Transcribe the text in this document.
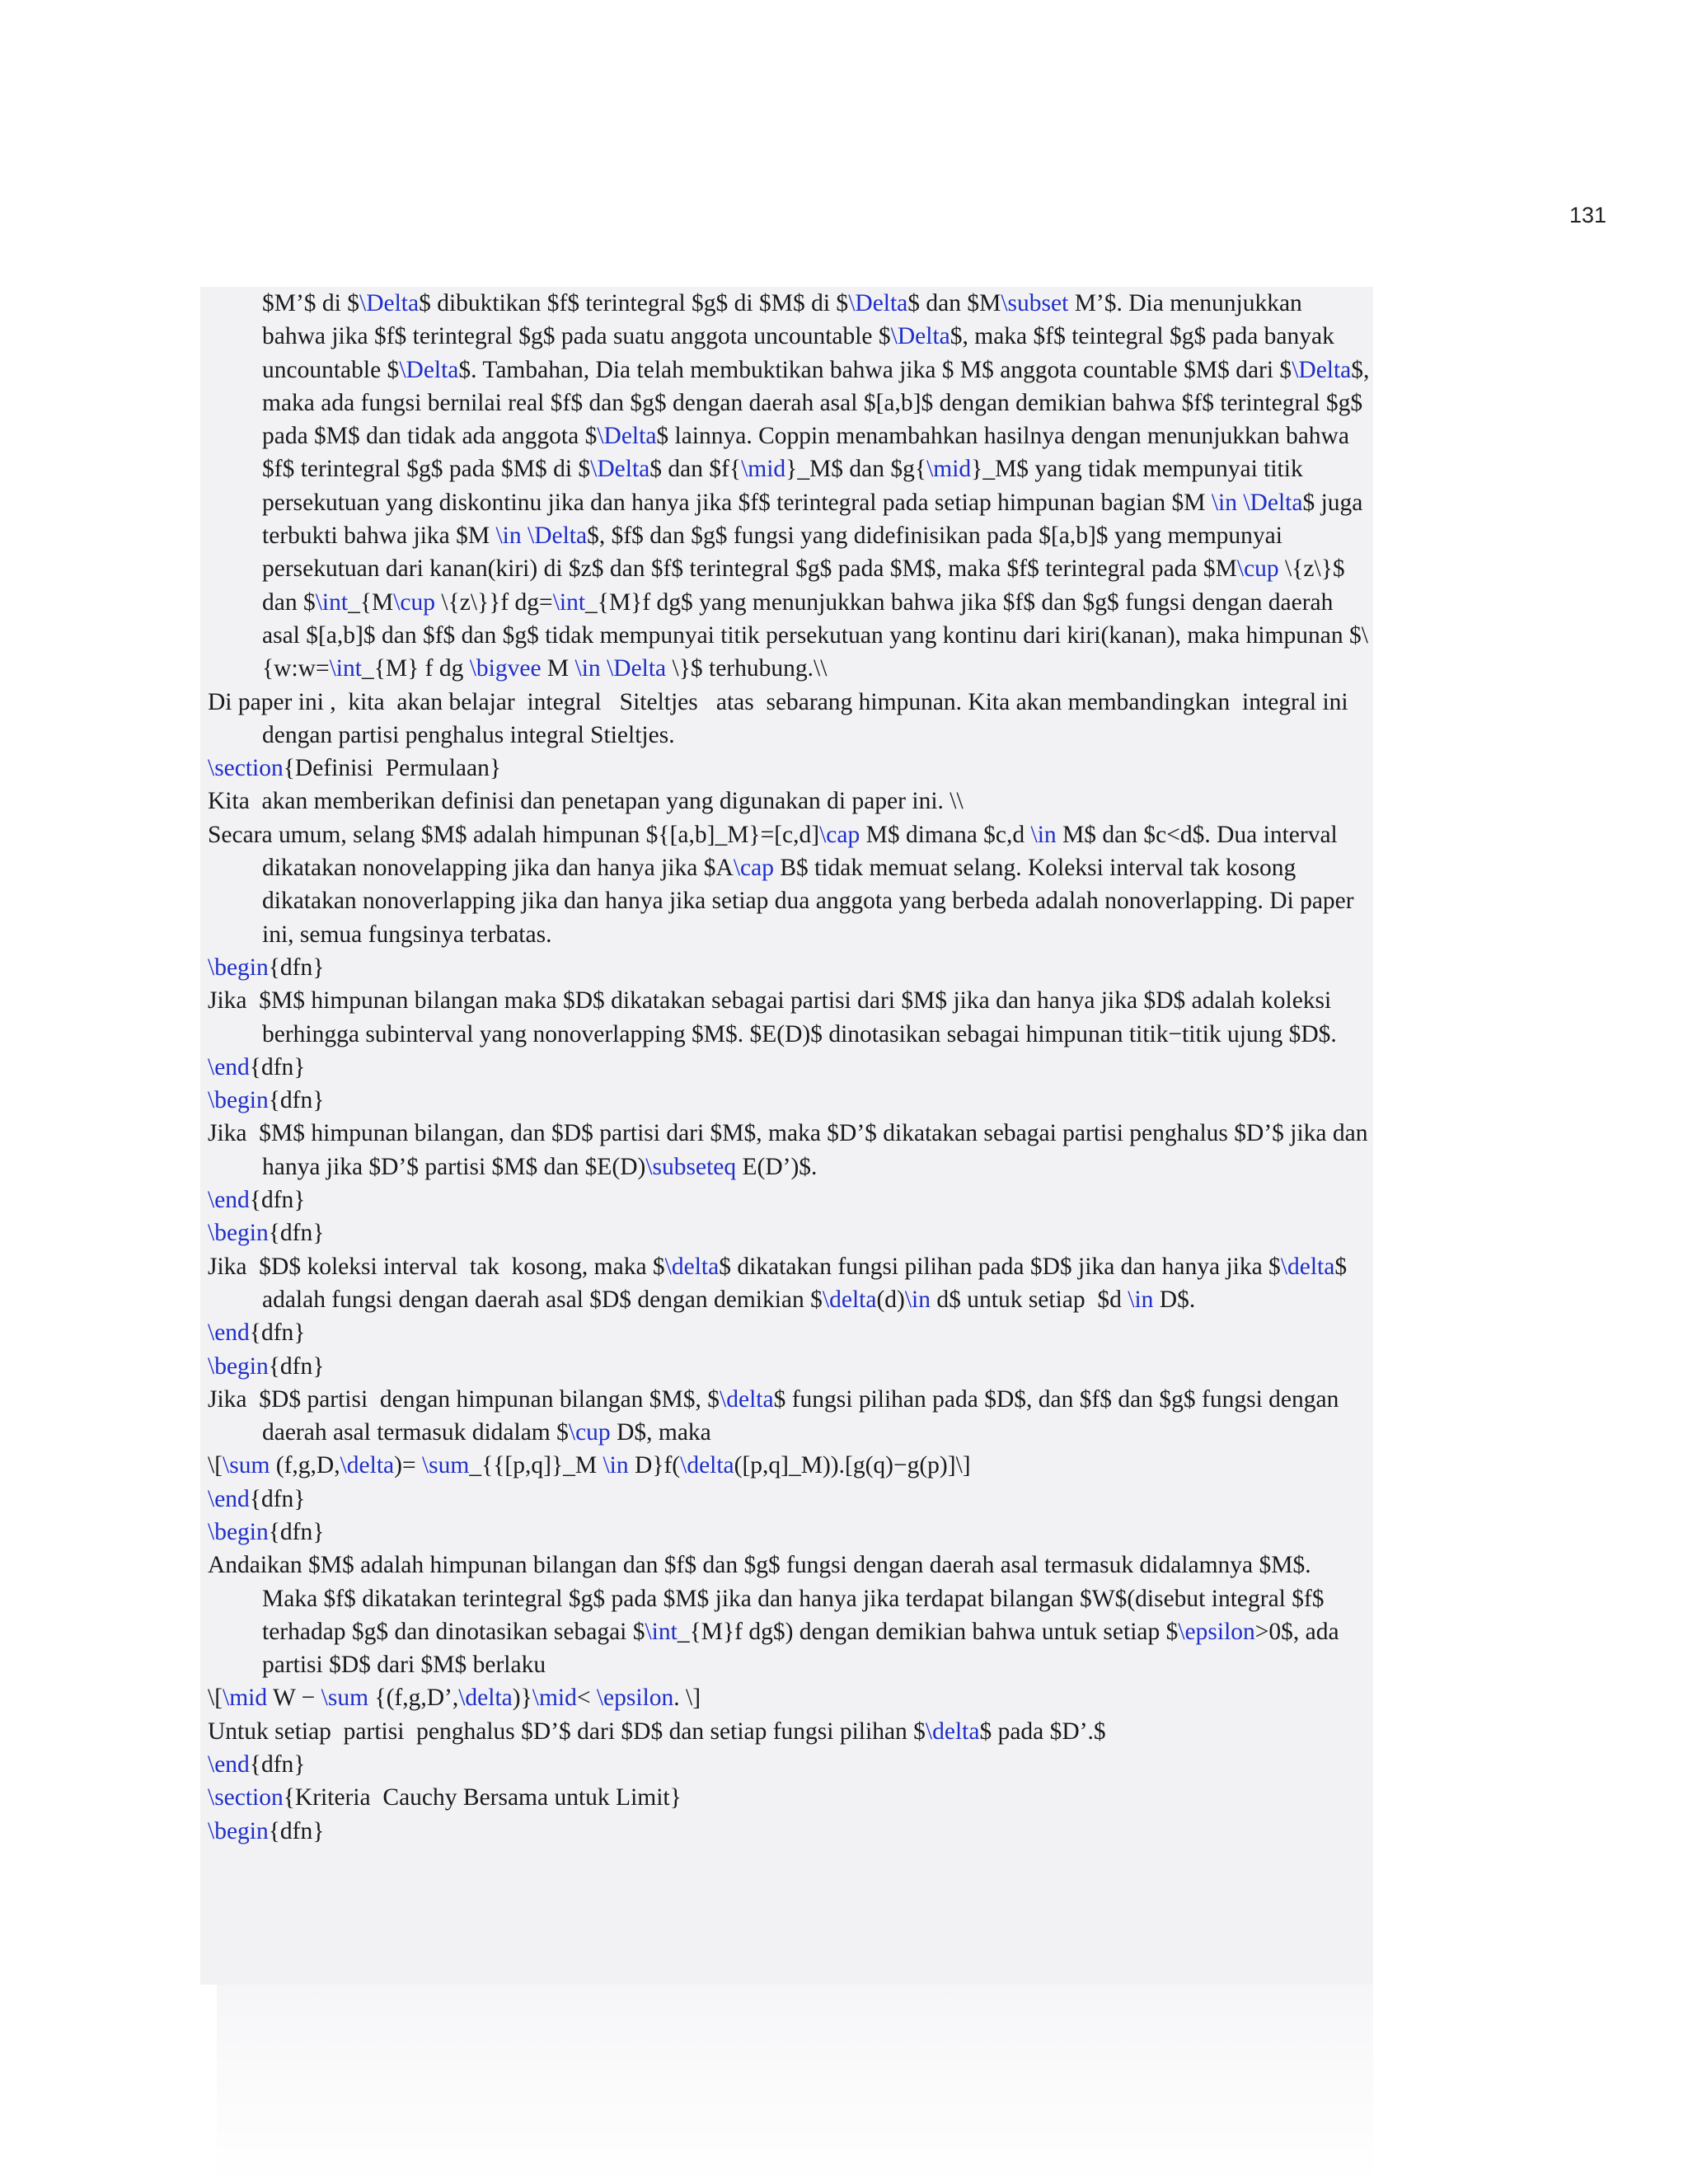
131

$M’$ di $\Delta$ dibuktikan $f$ terintegral $g$ di $M$ di $\Delta$ dan $M\subset M’$. Dia menunjukkan bahwa jika $f$ terintegral $g$ pada suatu anggota uncountable $\Delta$, maka $f$ teintegral $g$ pada banyak uncountable $\Delta$. Tambahan, Dia telah membuktikan bahwa jika $ M$ anggota countable $M$ dari $\Delta$, maka ada fungsi bernilai real $f$ dan $g$ dengan daerah asal $[a,b]$ dengan demikian bahwa $f$ terintegral $g$ pada $M$ dan tidak ada anggota $\Delta$ lainnya. Coppin menambahkan hasilnya dengan menunjukkan bahwa $f$ terintegral $g$ pada $M$ di $\Delta$ dan $f{\mid}_M$ dan $g{\mid}_M$ yang tidak mempunyai titik persekutuan yang diskontinu jika dan hanya jika $f$ terintegral pada setiap himpunan bagian $M \in \Delta$ juga terbukti bahwa jika $M \in \Delta$, $f$ dan $g$ fungsi yang didefinisikan pada $[a,b]$ yang mempunyai persekutuan dari kanan(kiri) di $z$ dan $f$ terintegral $g$ pada $M$, maka $f$ terintegral pada $M\cup \{z\}$ dan $\int_{M\cup \{z\}}f dg=\int_{M}f dg$ yang menunjukkan bahwa jika $f$ dan $g$ fungsi dengan daerah asal $[a,b]$ dan $f$ dan $g$ tidak mempunyai titik persekutuan yang kontinu dari kiri(kanan), maka himpunan $\{w:w=\int_{M} f dg \bigvee M \in \Delta \}$ terhubung.\\

Di paper ini ,  kita  akan belajar  integral   Siteltjes   atas  sebarang himpunan. Kita akan membandingkan  integral ini dengan partisi penghalus integral Stieltjes.

\section{Definisi  Permulaan}

Kita  akan memberikan definisi dan penetapan yang digunakan di paper ini. \\

Secara umum, selang $M$ adalah himpunan ${[a,b]_M}=[c,d]\cap M$ dimana $c,d \in M$ dan $c<d$. Dua interval dikatakan nonovelapping jika dan hanya jika $A\cap B$ tidak memuat selang. Koleksi interval tak kosong dikatakan nonoverlapping jika dan hanya jika setiap dua anggota yang berbeda adalah nonoverlapping. Di paper ini, semua fungsinya terbatas.

\begin{dfn}

Jika  $M$ himpunan bilangan maka $D$ dikatakan sebagai partisi dari $M$ jika dan hanya jika $D$ adalah koleksi berhingga subinterval yang nonoverlapping $M$. $E(D)$ dinotasikan sebagai himpunan titik−titik ujung $D$.

\end{dfn}

\begin{dfn}

Jika  $M$ himpunan bilangan, dan $D$ partisi dari $M$, maka $D’$ dikatakan sebagai partisi penghalus $D’$ jika dan hanya jika $D’$ partisi $M$ dan $E(D)\subseteq E(D’)$.

\end{dfn}

\begin{dfn}

Jika  $D$ koleksi interval  tak  kosong, maka $\delta$ dikatakan fungsi pilihan pada $D$ jika dan hanya jika $\delta$ adalah fungsi dengan daerah asal $D$ dengan demikian $\delta(d)\in d$ untuk setiap  $d \in D$.

\end{dfn}

\begin{dfn}

Jika  $D$ partisi  dengan himpunan bilangan $M$, $\delta$ fungsi pilihan pada $D$, dan $f$ dan $g$ fungsi dengan daerah asal termasuk didalam $\cup D$, maka

\[\sum (f,g,D,\delta)= \sum_{{[p,q]}_M \in D}f(\delta([p,q]_M)).[g(q)−g(p)]\]

\end{dfn}

\begin{dfn}

Andaikan $M$ adalah himpunan bilangan dan $f$ dan $g$ fungsi dengan daerah asal termasuk didalamnya $M$. Maka $f$ dikatakan terintegral $g$ pada $M$ jika dan hanya jika terdapat bilangan $W$(disebut integral $f$ terhadap $g$ dan dinotasikan sebagai $\int_{M}f dg$) dengan demikian bahwa untuk setiap $\epsilon>0$, ada partisi $D$ dari $M$ berlaku

\[\mid W − \sum {(f,g,D’,\delta)}\mid< \epsilon. \]

Untuk setiap  partisi  penghalus $D’$ dari $D$ dan setiap fungsi pilihan $\delta$ pada $D’.$

\end{dfn}

\section{Kriteria  Cauchy Bersama untuk Limit}

\begin{dfn}
